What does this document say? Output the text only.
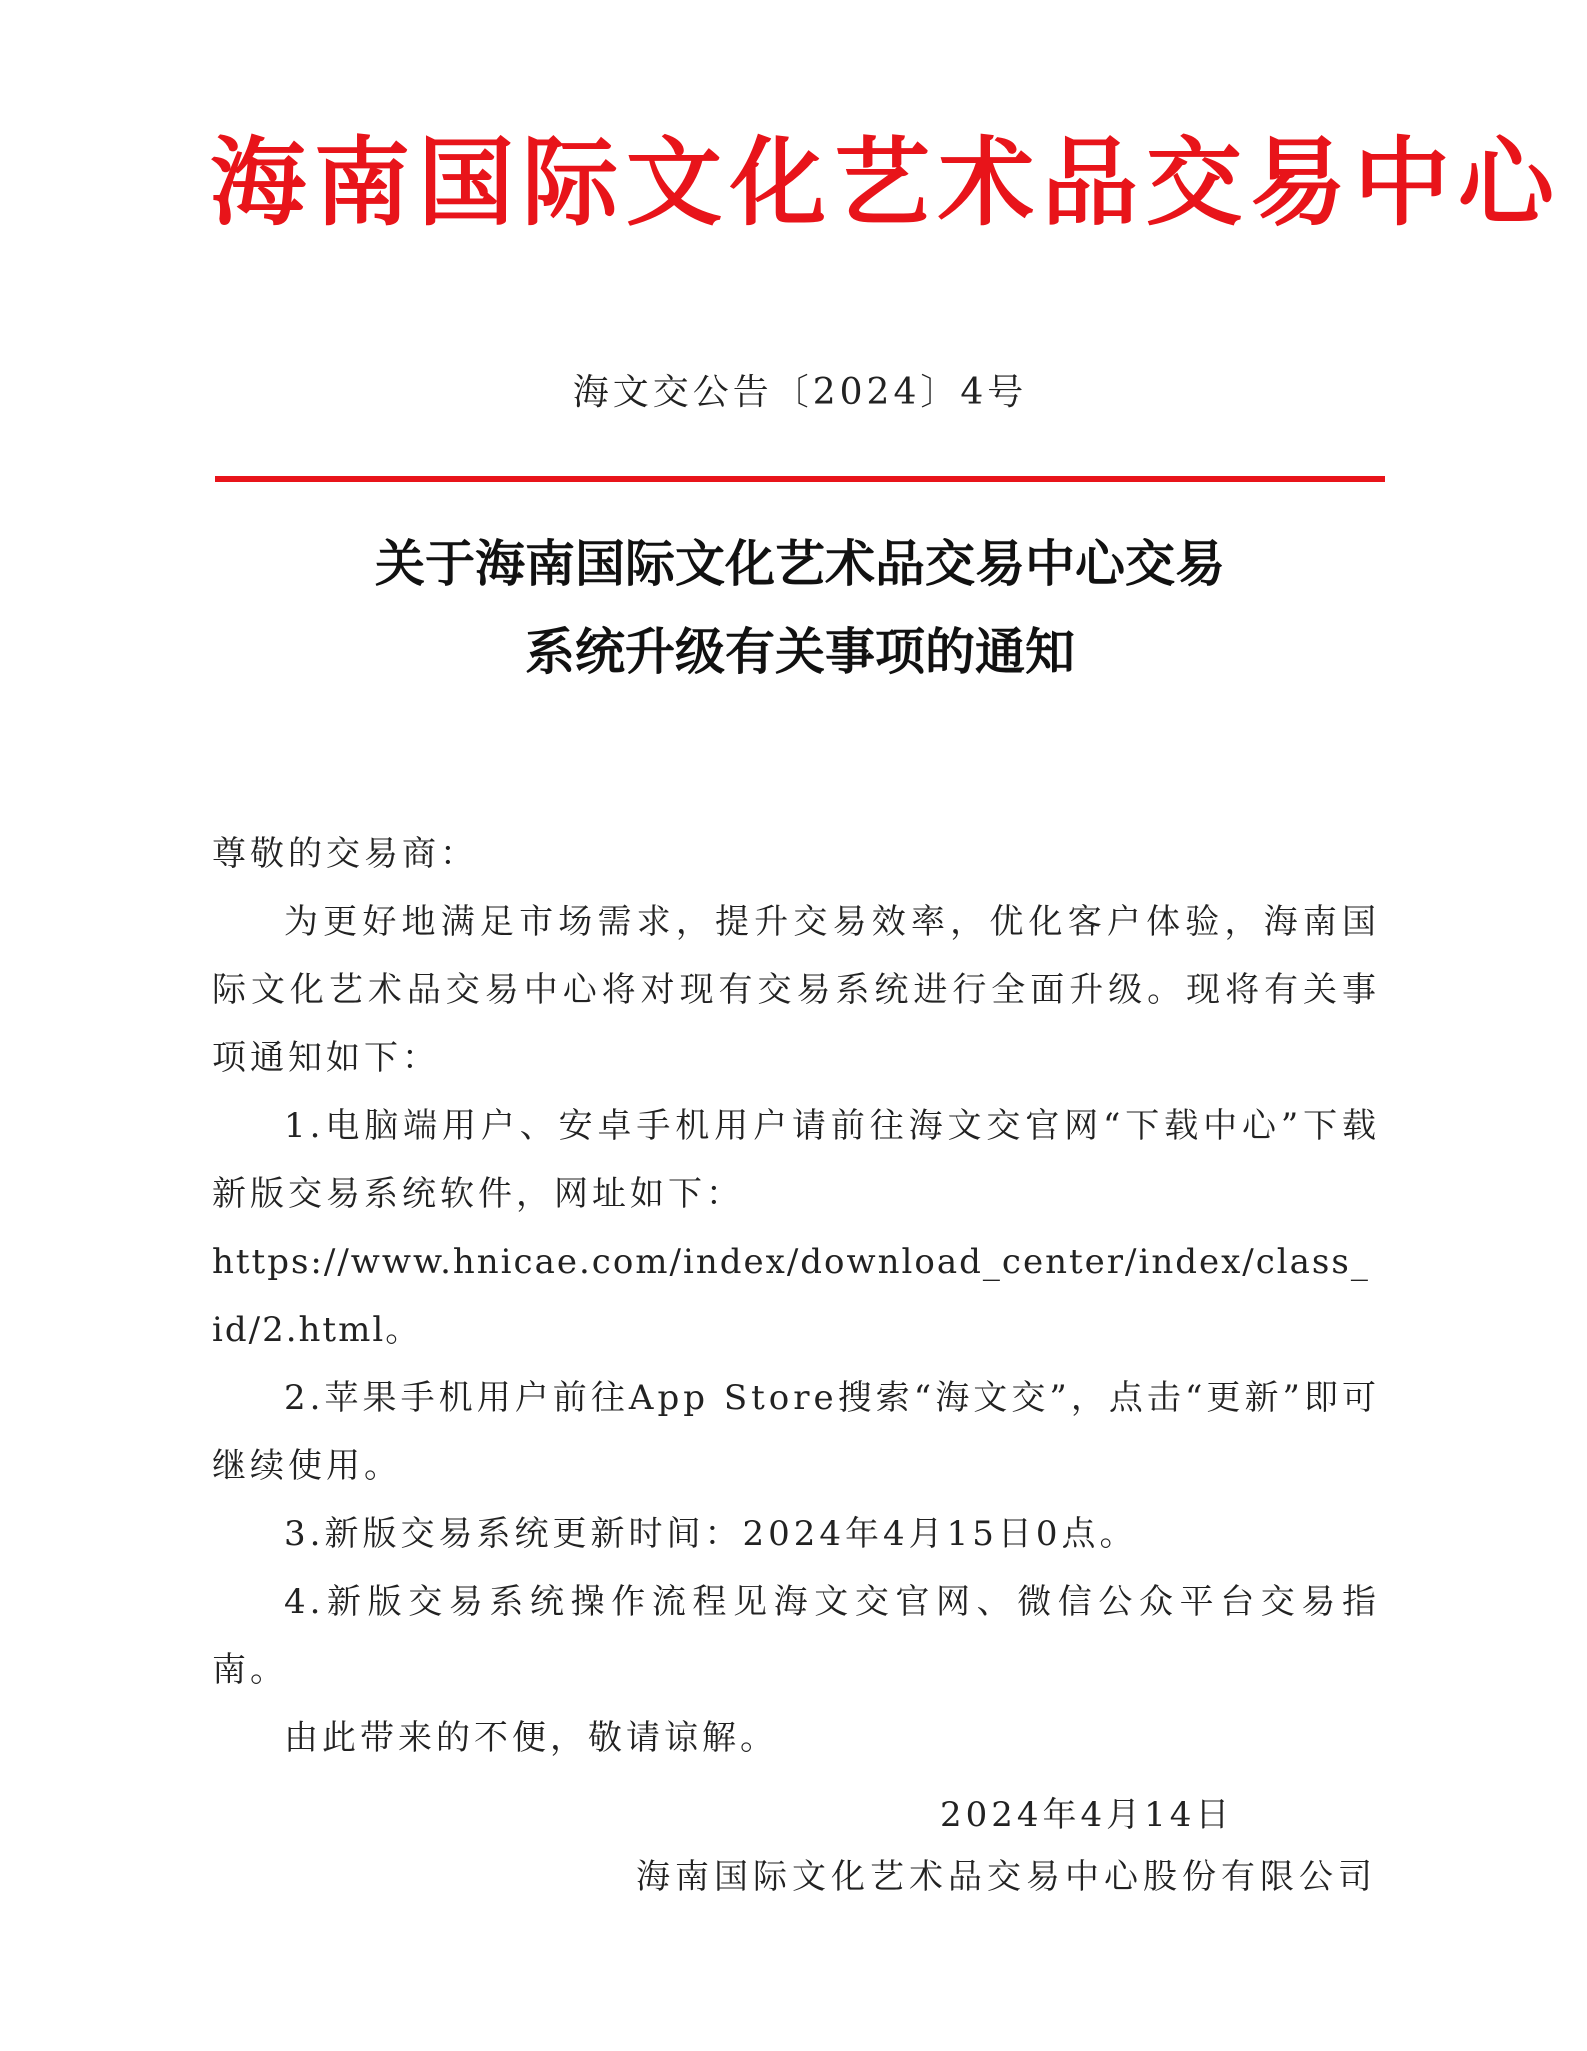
海南国际文化艺术品交易中心
海文交公告〔2024〕4号
关于海南国际文化艺术品交易中心交易
系统升级有关事项的通知

尊敬的交易商：

为更好地满足市场需求，提升交易效率，优化客户体验，海南国际文化艺术品交易中心将对现有交易系统进行全面升级。现将有关事项通知如下：

1.电脑端用户、安卓手机用户请前往海文交官网“下载中心”下载新版交易系统软件，网址如下：

https://www.hnicae.com/index/download_center/index/class_id/2.html。

2.苹果手机用户前往App Store搜索“海文交”，点击“更新”即可继续使用。

3.新版交易系统更新时间：2024年4月15日0点。

4.新版交易系统操作流程见海文交官网、微信公众平台交易指南。

由此带来的不便，敬请谅解。

2024年4月14日
海南国际文化艺术品交易中心股份有限公司
